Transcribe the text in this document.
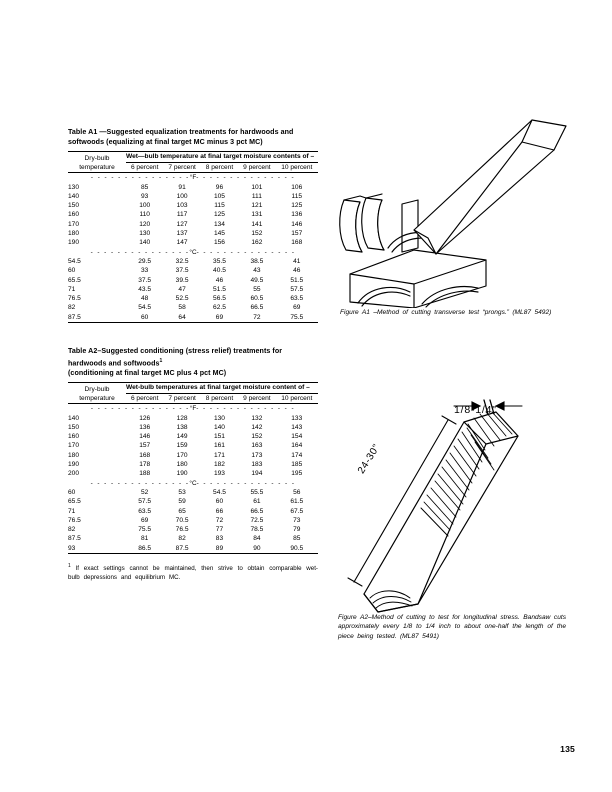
Table A1 —Suggested equalization treatments for hardwoods and
softwoods (equalizing at final target MC minus 3 pct MC)
Dry-bulb
temperature	Wet—bulb temperature at final target moisture contents of –				

	6 percent	7 percent	8 percent	9 percent	10 percent
- - - - - - - - - - - - - - -°F- - - - - - - - - - - - - - -					
130	85	91	96	101	106
140	93	100	105	111	115
150	100	103	115	121	125
160	110	117	125	131	136
170	120	127	134	141	146
180	130	137	145	152	157
190	140	147	156	162	168
- - - - - - - - - - - - - - -°C- - - - - - - - - - - - - - -					
54.5	29.5	32.5	35.5	38.5	41
60	33	37.5	40.5	43	46
65.5	37.5	39.5	46	49.5	51.5
71	43.5	47	51.5	55	57.5
76.5	48	52.5	56.5	60.5	63.5
82	54.5	58	62.5	66.5	69
87.5	60	64	69	72	75.5
Table A2–Suggested conditioning (stress relief) treatments for
hardwoods and softwoods$^1$
(conditioning at final target MC plus 4 pct MC)
Dry-bulb
temperature	Wet-bulb temperatures at final target moisture content of –				

	6 percent	7 percent	8 percent	9 percent	10 percent
- - - - - - - - - - - - - - -°F- - - - - - - - - - - - - - -					
140	126	128	130	132	133
150	136	138	140	142	143
160	146	149	151	152	154
170	157	159	161	163	164
180	168	170	171	173	174
190	178	180	182	183	185
200	188	190	193	194	195
- - - - - - - - - - - - - - -°C- - - - - - - - - - - - - - -					
60	52	53	54.5	55.5	56
65.5	57.5	59	60	61	61.5
71	63.5	65	66	66.5	67.5
76.5	69	70.5	72	72.5	73
82	75.5	76.5	77	78.5	79
87.5	81	82	83	84	85
93	86.5	87.5	89	90	90.5
$^1$ If exact settings cannot be maintained, then strive to obtain comparable wet-bulb depressions and equilibrium MC.
Figure A1 –Method of cutting transverse test “prongs.” (ML87 5492)
1/8-1/4"
24-30"
Figure A2–Method of cutting to test for longitudinal stress. Bandsaw cuts approximately every 1/8 to 1/4 inch to about one-half the length of the piece being tested. (ML87 5491)
135
